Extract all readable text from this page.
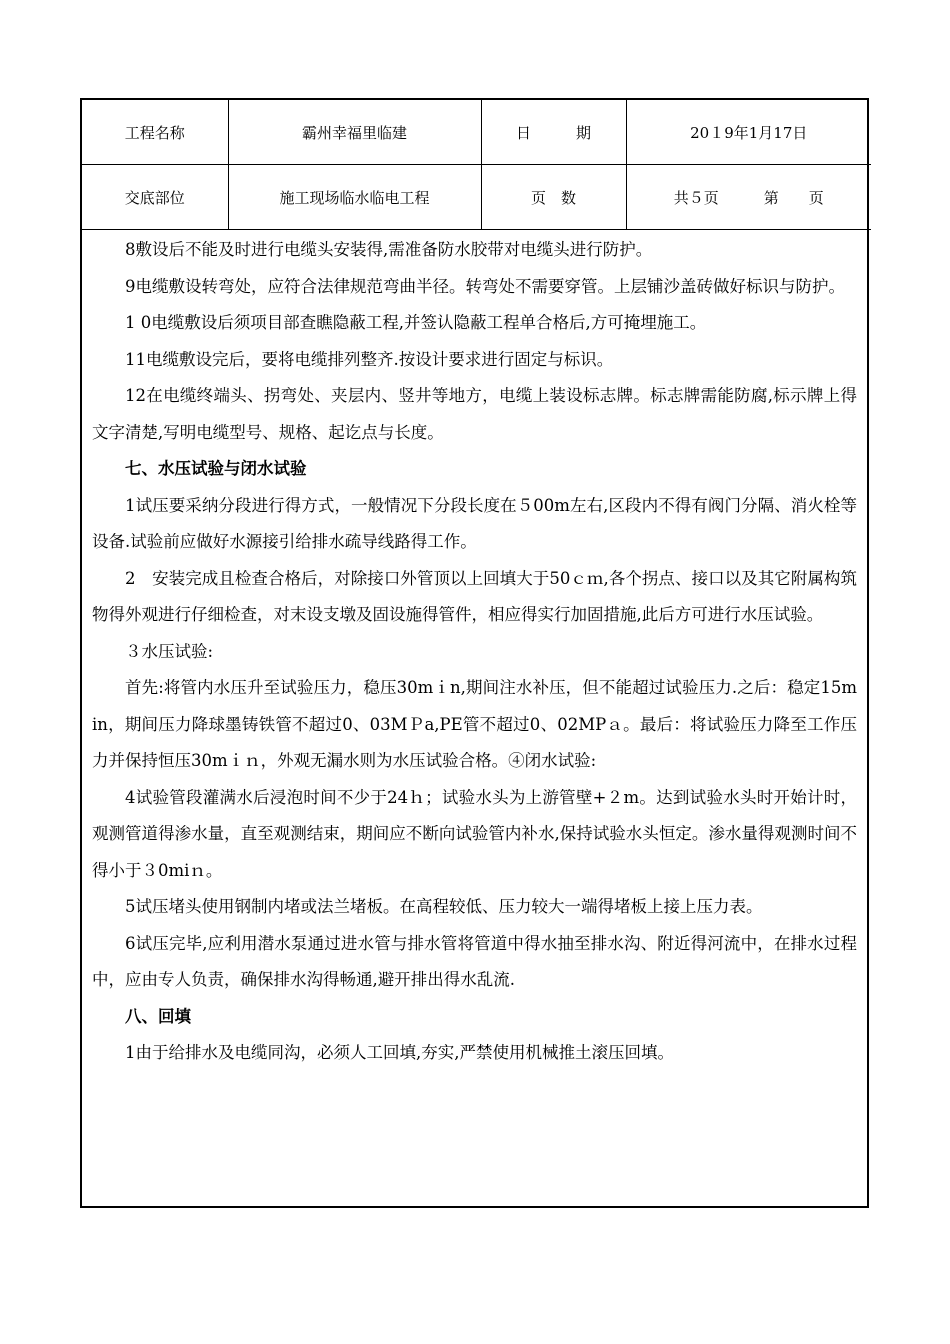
工程名称	霸州幸福里临建	日　　　期	20１9年1月17日
交底部位	施工现场临水临电工程	页　数	共５页　　　第　　页

8敷设后不能及时进行电缆头安装得,需准备防水胶带对电缆头进行防护。

9电缆敷设转弯处，应符合法律规范弯曲半径。转弯处不需要穿管。上层铺沙盖砖做好标识与防护。

1 0电缆敷设后须项目部查瞧隐蔽工程,并签认隐蔽工程单合格后,方可掩埋施工。

11电缆敷设完后，要将电缆排列整齐.按设计要求进行固定与标识。

12在电缆终端头、拐弯处、夹层内、竖井等地方，电缆上装设标志牌。标志牌需能防腐,标示牌上得文字清楚,写明电缆型号、规格、起讫点与长度。

七、水压试验与闭水试验

1试压要采纳分段进行得方式，一般情况下分段长度在５00m左右,区段内不得有阀门分隔、消火栓等设备.试验前应做好水源接引给排水疏导线路得工作。

2　安装完成且检查合格后，对除接口外管顶以上回填大于50ｃｍ,各个拐点、接口以及其它附属构筑物得外观进行仔细检查，对末设支墩及固设施得管件，相应得实行加固措施,此后方可进行水压试验。

３水压试验:

首先:将管内水压升至试验压力，稳压30mｉn,期间注水补压，但不能超过试验压力.之后：稳定15min，期间压力降球墨铸铁管不超过0、03MＰa,PE管不超过0、02MPａ。最后：将试验压力降至工作压力并保持恒压30mｉｎ，外观无漏水则为水压试验合格。④闭水试验:

4试验管段灌满水后浸泡时间不少于24ｈ；试验水头为上游管壁+２m。达到试验水头时开始计时，观测管道得渗水量，直至观测结束，期间应不断向试验管内补水,保持试验水头恒定。渗水量得观测时间不得小于３0miｎ。

5试压堵头使用钢制内堵或法兰堵板。在高程较低、压力较大一端得堵板上接上压力表。

6试压完毕,应利用潜水泵通过进水管与排水管将管道中得水抽至排水沟、附近得河流中，在排水过程中，应由专人负责，确保排水沟得畅通,避开排出得水乱流.

八、回填

1由于给排水及电缆同沟，必须人工回填,夯实,严禁使用机械推土滚压回填。
